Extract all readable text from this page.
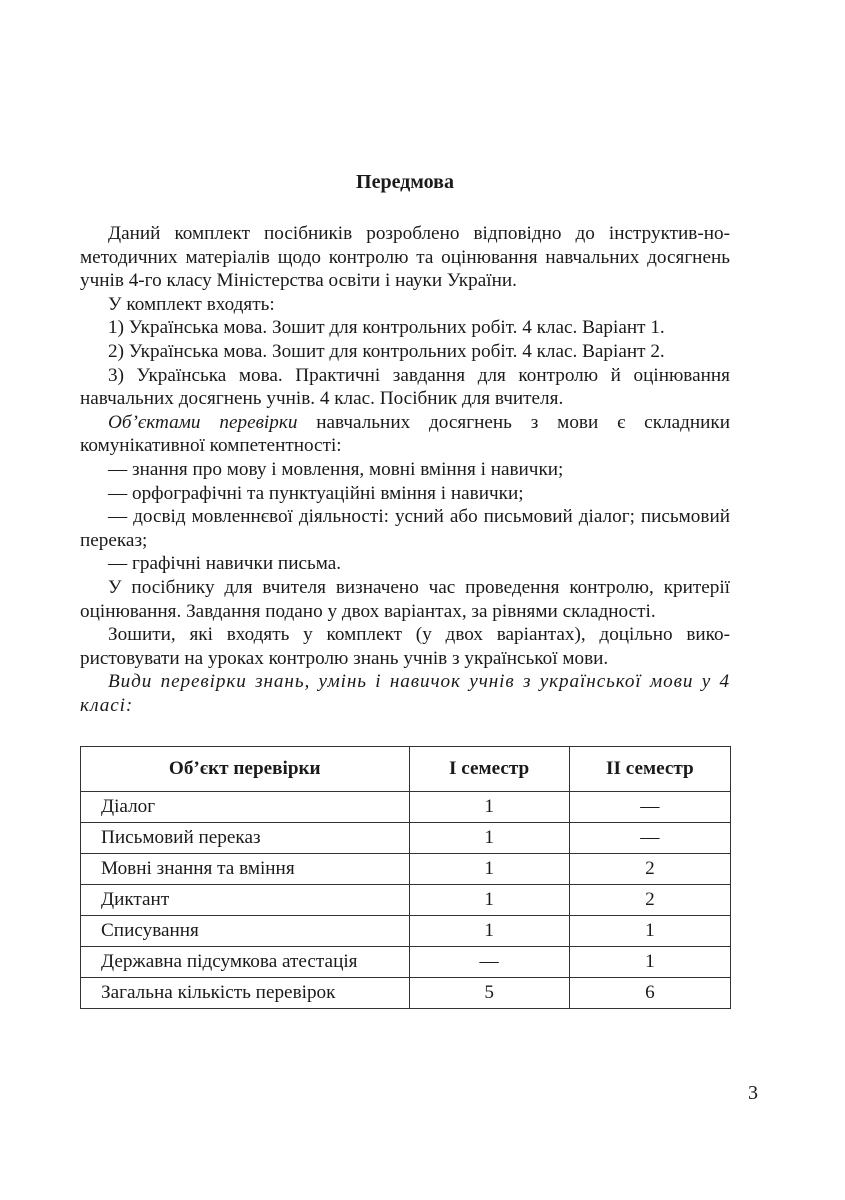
Передмова

Даний комплект посібників розроблено відповідно до інструктив-но-методичних матеріалів щодо контролю та оцінювання навчальних досягнень учнів 4-го класу Міністерства освіти і науки України.

У комплект входять:

1) Українська мова. Зошит для контрольних робіт. 4 клас. Варіант 1.

2) Українська мова. Зошит для контрольних робіт. 4 клас. Варіант 2.

3) Українська мова. Практичні завдання для контролю й оцінювання навчальних досягнень учнів. 4 клас. Посібник для вчителя.

Об’єктами перевірки навчальних досягнень з мови є складники комунікативної компетентності:

— знання про мову і мовлення, мовні вміння і навички;

— орфографічні та пунктуаційні вміння і навички;

— досвід мовленнєвої діяльності: усний або письмовий діалог; письмовий переказ;

— графічні навички письма.

У посібнику для вчителя визначено час проведення контролю, критерії оцінювання. Завдання подано у двох варіантах, за рівнями складності.

Зошити, які входять у комплект (у двох варіантах), доцільно вико-ристовувати на уроках контролю знань учнів з української мови.

Види перевірки знань, умінь і навичок учнів з української мови у 4 класі:

Об’єкт перевірки	І семестр	ІІ семестр
Діалог	1	—
Письмовий переказ	1	—
Мовні знання та вміння	1	2
Диктант	1	2
Списування	1	1
Державна підсумкова атестація	—	1
Загальна кількість перевірок	5	6
3
